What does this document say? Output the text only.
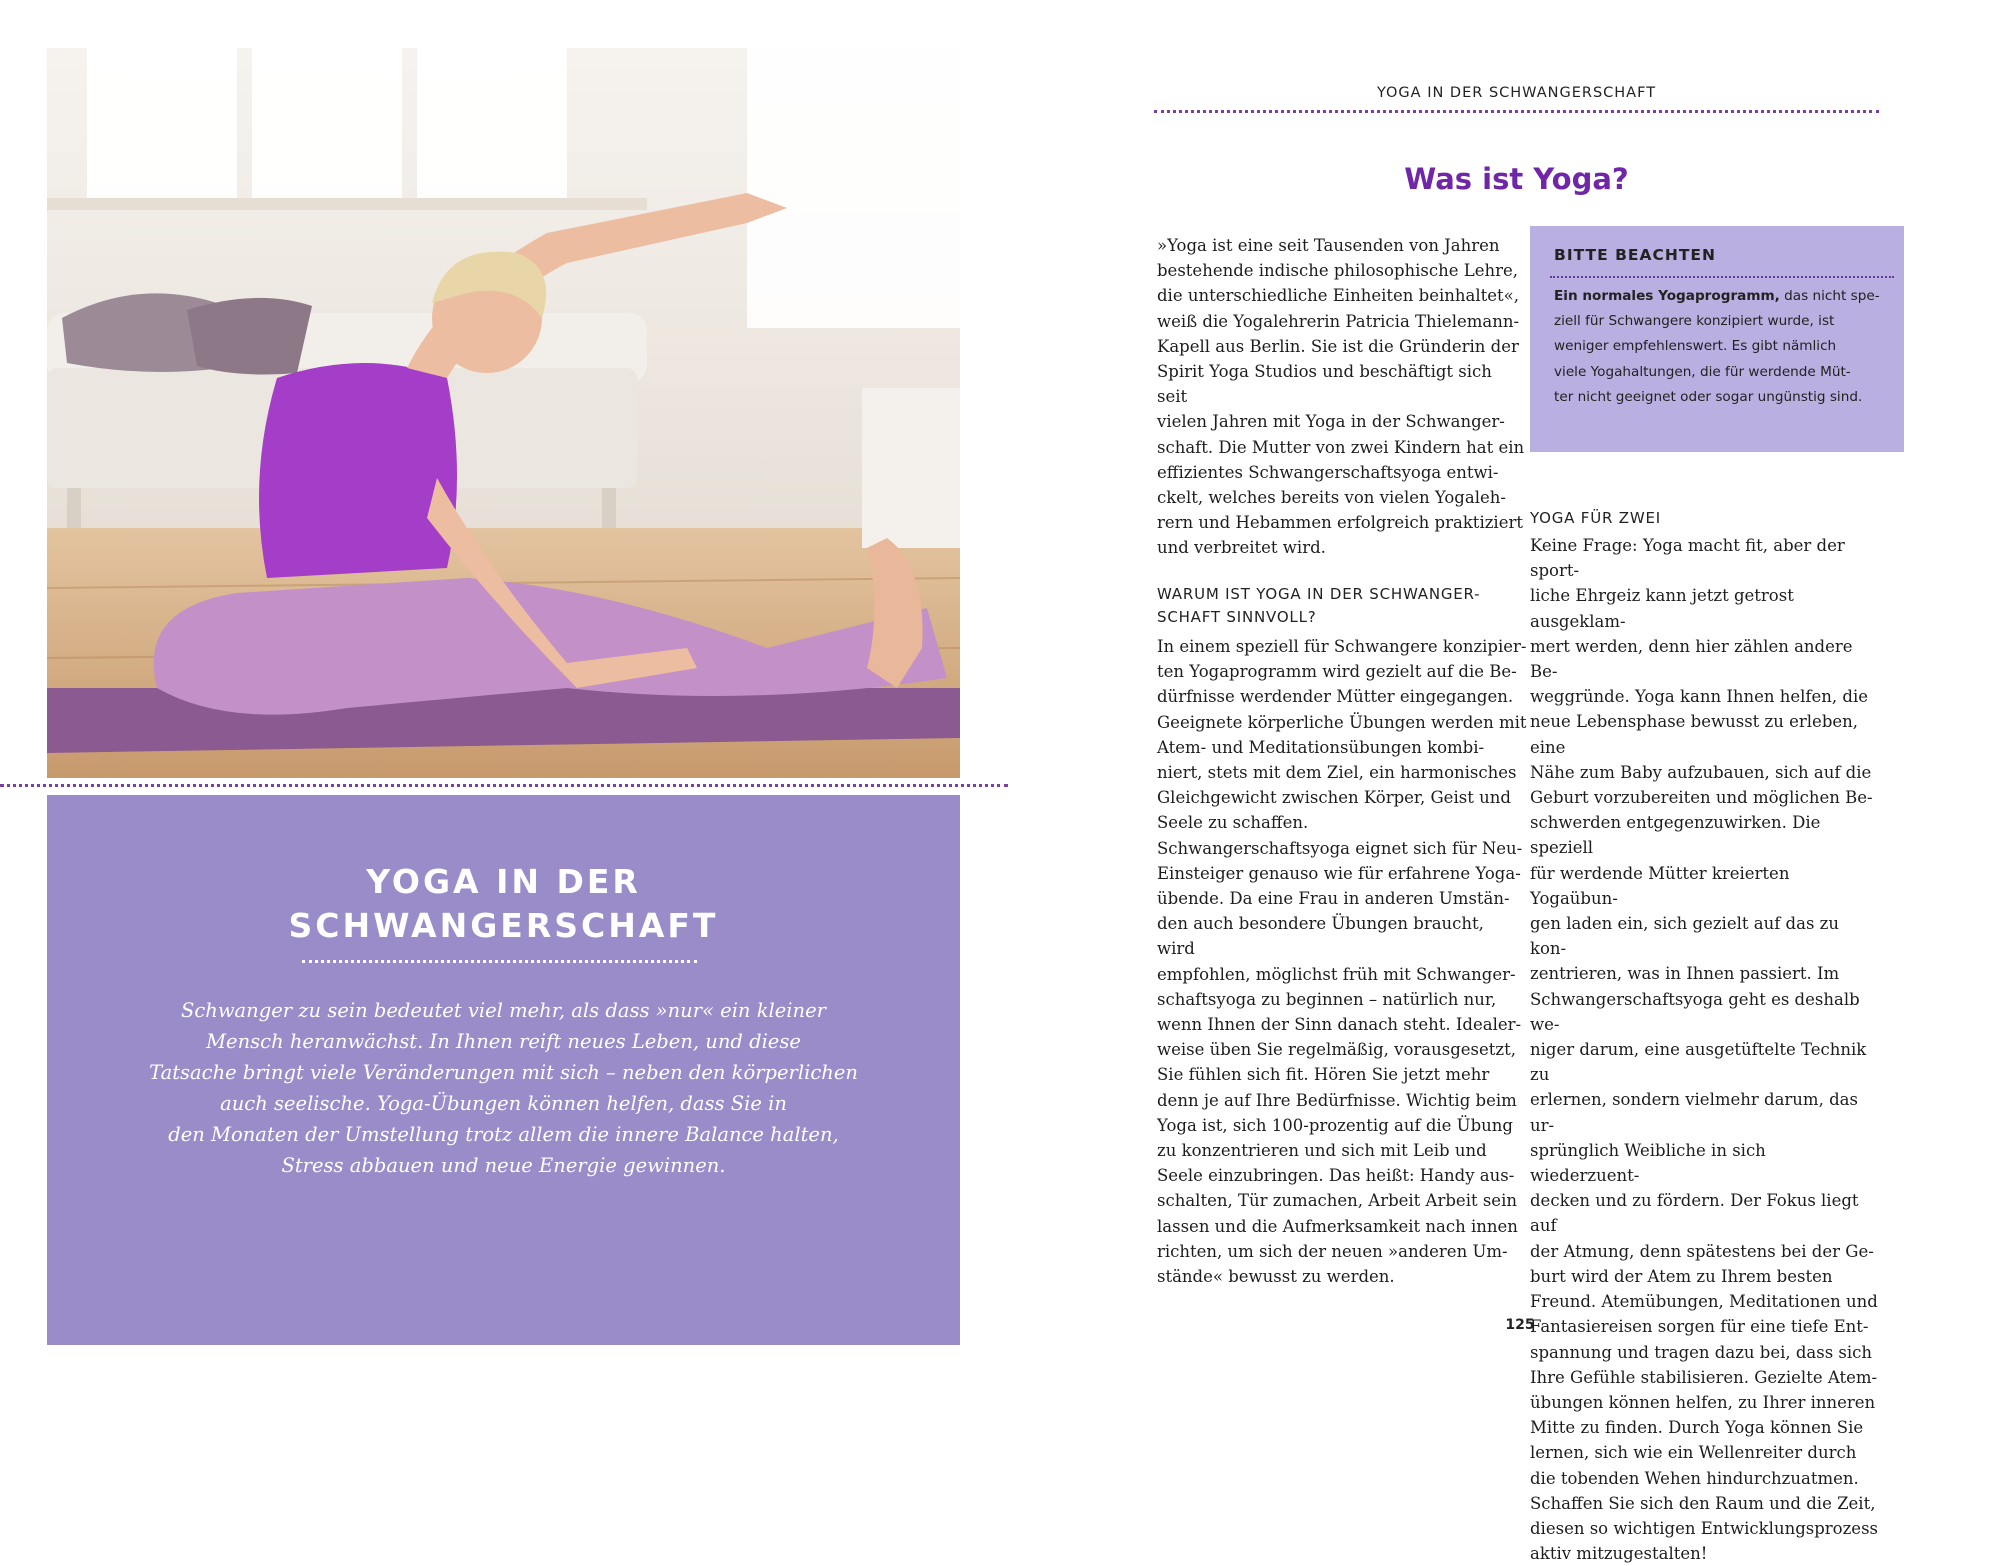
YOGA IN DER
SCHWANGERSCHAFT
Schwanger zu sein bedeutet viel mehr, als dass »nur« ein kleiner
Mensch heranwächst. In Ihnen reift neues Leben, und diese
Tatsache bringt viele Veränderungen mit sich – neben den körperlichen
auch seelische. Yoga-Übungen können helfen, dass Sie in
den Monaten der Umstellung trotz allem die innere Balance halten,
Stress abbauen und neue Energie gewinnen.
YOGA IN DER SCHWANGERSCHAFT
Was ist Yoga?

»Yoga ist eine seit Tausenden von Jahren
bestehende indische philosophische Lehre,
die unterschiedliche Einheiten beinhaltet«,
weiß die Yogalehrerin Patricia Thielemann-
Kapell aus Berlin. Sie ist die Gründerin der
Spirit Yoga Studios und beschäftigt sich seit
vielen Jahren mit Yoga in der Schwanger-
schaft. Die Mutter von zwei Kindern hat ein
effizientes Schwangerschaftsyoga entwi-
ckelt, welches bereits von vielen Yogaleh-
rern und Hebammen erfolgreich praktiziert
und verbreitet wird.

WARUM IST YOGA IN DER SCHWANGER-
SCHAFT SINNVOLL?

In einem speziell für Schwangere konzipier-
ten Yogaprogramm wird gezielt auf die Be-
dürfnisse werdender Mütter eingegangen.
Geeignete körperliche Übungen werden mit
Atem- und Meditationsübungen kombi-
niert, stets mit dem Ziel, ein harmonisches
Gleichgewicht zwischen Körper, Geist und
Seele zu schaffen.
Schwangerschaftsyoga eignet sich für Neu-
Einsteiger genauso wie für erfahrene Yoga-
übende. Da eine Frau in anderen Umstän-
den auch besondere Übungen braucht, wird
empfohlen, möglichst früh mit Schwanger-
schaftsyoga zu beginnen – natürlich nur,
wenn Ihnen der Sinn danach steht. Idealer-
weise üben Sie regelmäßig, vorausgesetzt,
Sie fühlen sich fit. Hören Sie jetzt mehr
denn je auf Ihre Bedürfnisse. Wichtig beim
Yoga ist, sich 100-prozentig auf die Übung
zu konzentrieren und sich mit Leib und
Seele einzubringen. Das heißt: Handy aus-
schalten, Tür zumachen, Arbeit Arbeit sein
lassen und die Aufmerksamkeit nach innen
richten, um sich der neuen »anderen Um-
stände« bewusst zu werden.

BITTE BEACHTEN
Ein normales Yogaprogramm, das nicht spe-
ziell für Schwangere konzipiert wurde, ist
weniger empfehlenswert. Es gibt nämlich
viele Yogahaltungen, die für werdende Müt-
ter nicht geeignet oder sogar ungünstig sind.
YOGA FÜR ZWEI

Keine Frage: Yoga macht fit, aber der sport-
liche Ehrgeiz kann jetzt getrost ausgeklam-
mert werden, denn hier zählen andere Be-
weggründe. Yoga kann Ihnen helfen, die
neue Lebensphase bewusst zu erleben, eine
Nähe zum Baby aufzubauen, sich auf die
Geburt vorzubereiten und möglichen Be-
schwerden entgegenzuwirken. Die speziell
für werdende Mütter kreierten Yogaübun-
gen laden ein, sich gezielt auf das zu kon-
zentrieren, was in Ihnen passiert. Im
Schwangerschaftsyoga geht es deshalb we-
niger darum, eine ausgetüftelte Technik zu
erlernen, sondern vielmehr darum, das ur-
sprünglich Weibliche in sich wiederzuent-
decken und zu fördern. Der Fokus liegt auf
der Atmung, denn spätestens bei der Ge-
burt wird der Atem zu Ihrem besten
Freund. Atemübungen, Meditationen und
Fantasiereisen sorgen für eine tiefe Ent-
spannung und tragen dazu bei, dass sich
Ihre Gefühle stabilisieren. Gezielte Atem-
übungen können helfen, zu Ihrer inneren
Mitte zu finden. Durch Yoga können Sie
lernen, sich wie ein Wellenreiter durch
die tobenden Wehen hindurchzuatmen.
Schaffen Sie sich den Raum und die Zeit,
diesen so wichtigen Entwicklungsprozess
aktiv mitzugestalten!

125
